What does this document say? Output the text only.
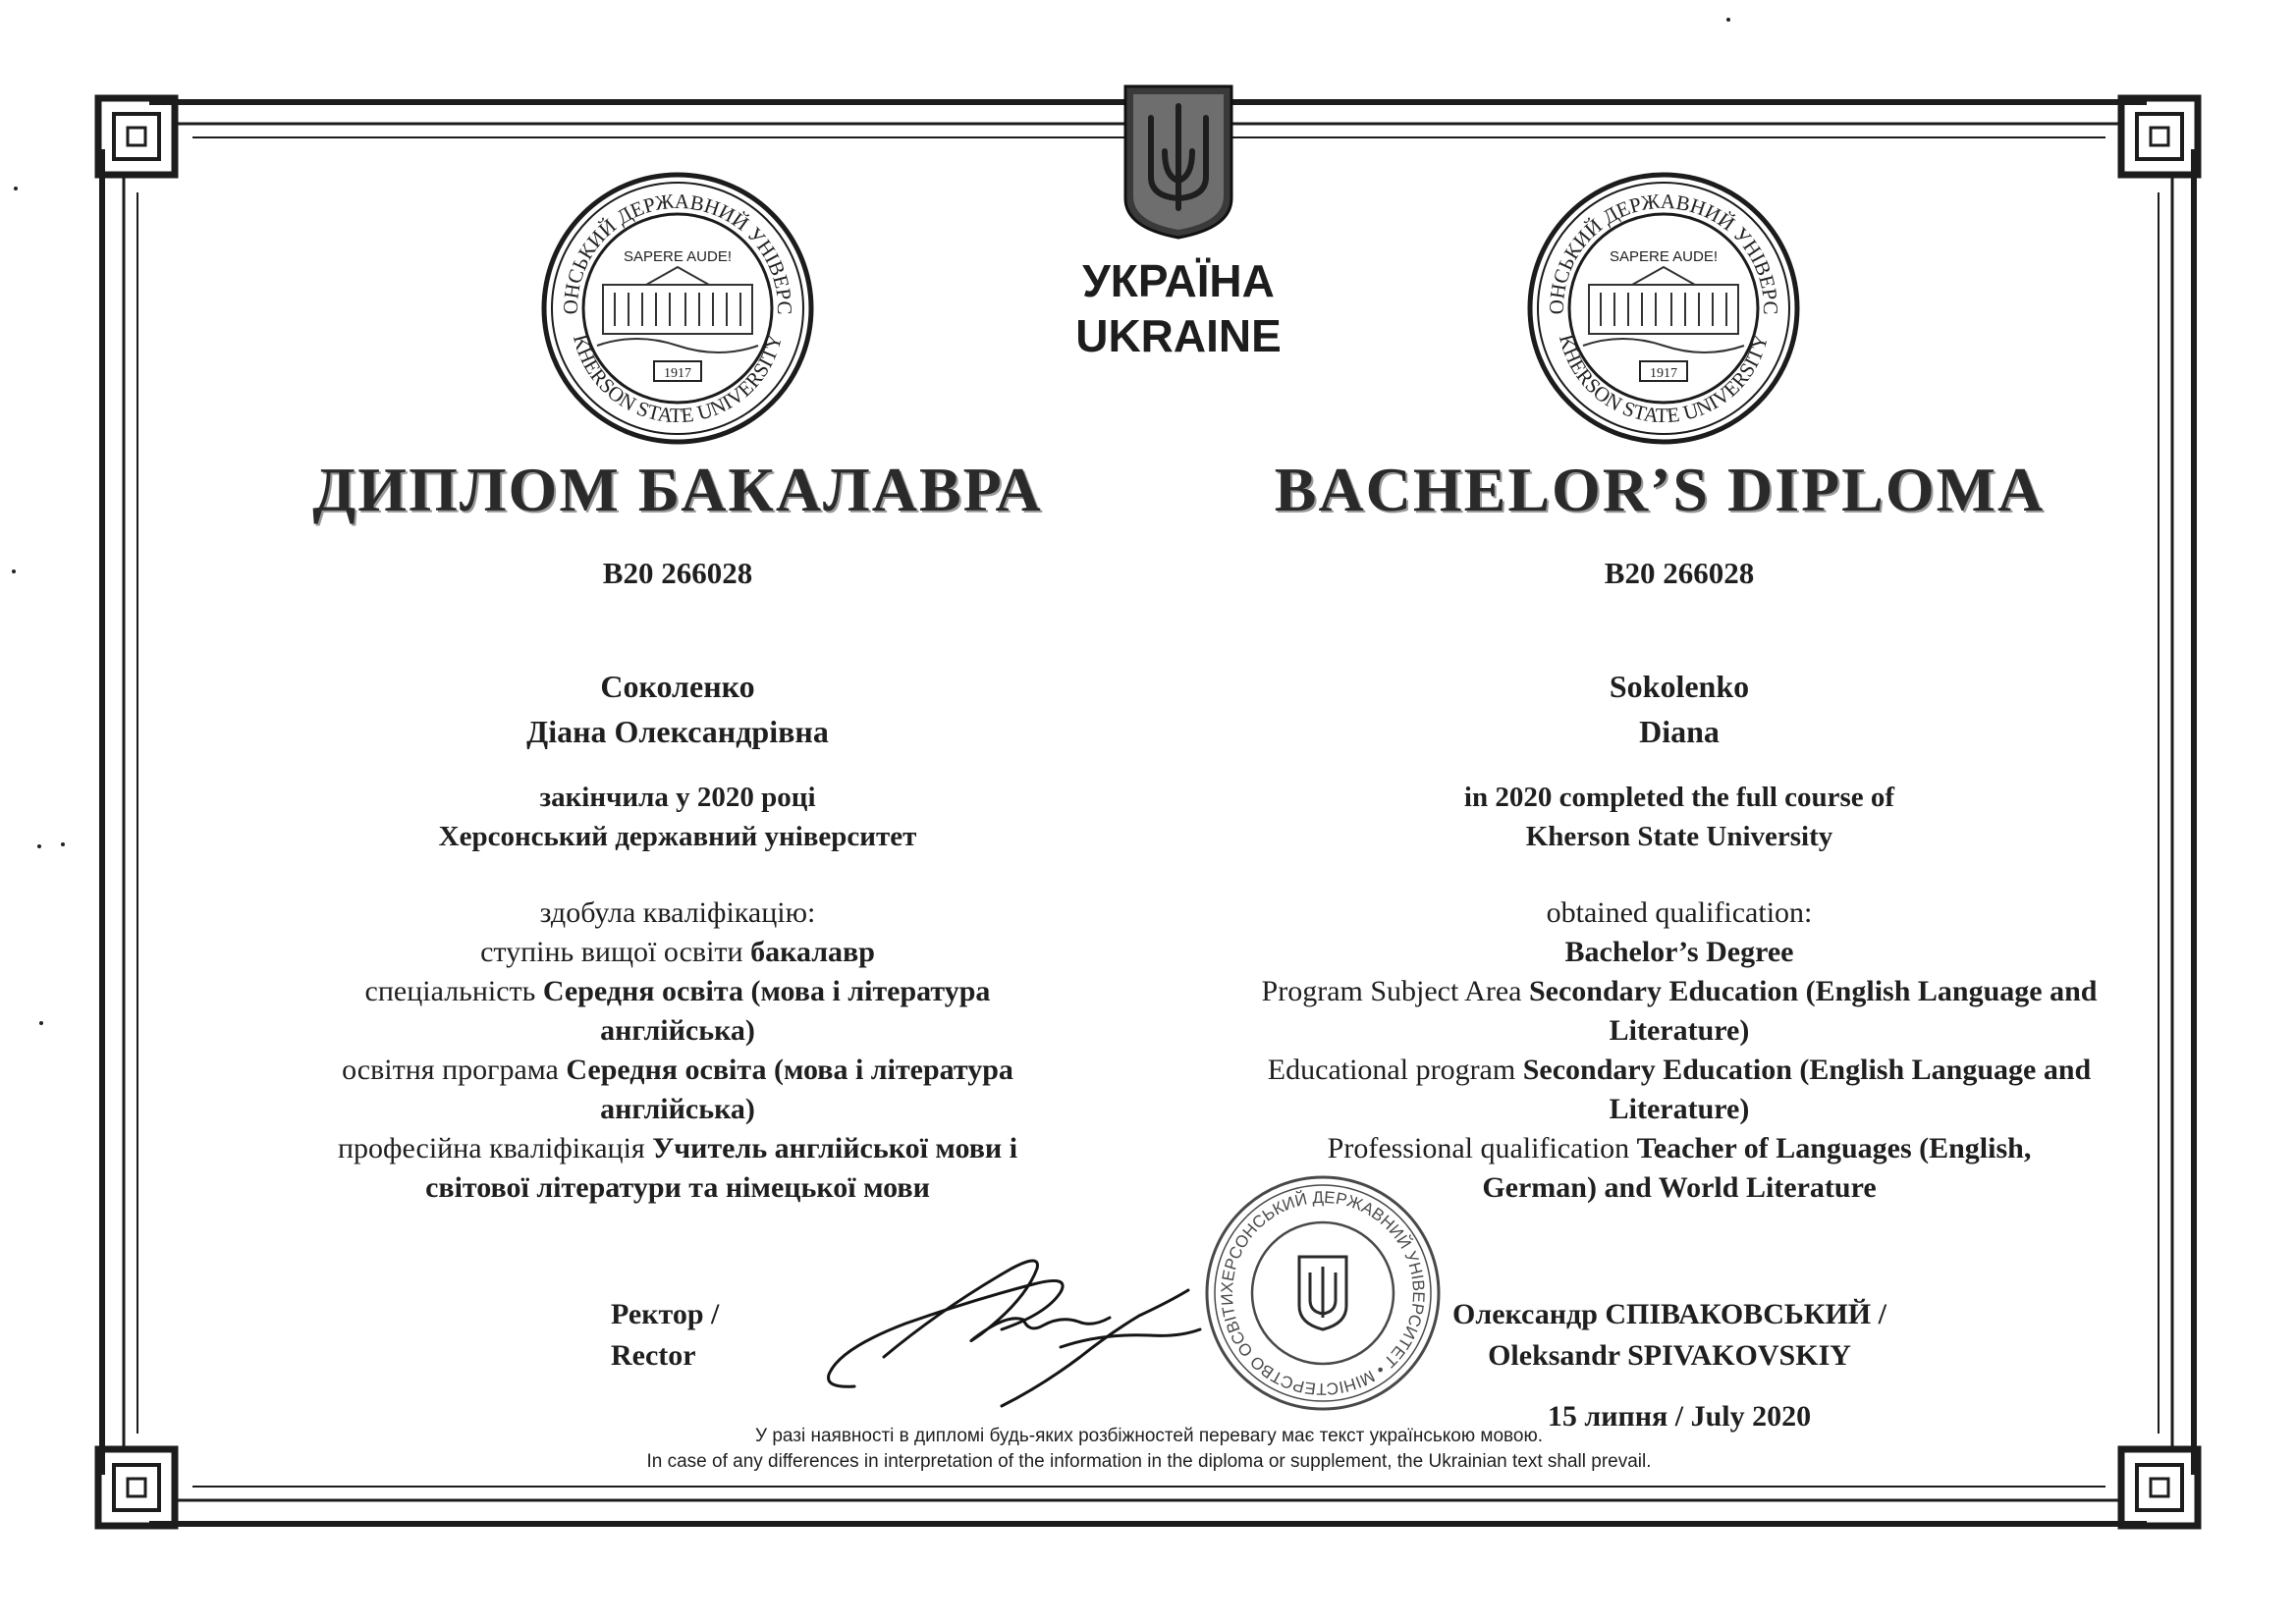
УКРАЇНА
UKRAINE
ОНСЬКИЙ ДЕРЖАВНИЙ УНІВЕРС
KHERSON STATE UNIVERSITY
SAPERE AUDE!
1917
ОНСЬКИЙ ДЕРЖАВНИЙ УНІВЕРС
KHERSON STATE UNIVERSITY
SAPERE AUDE!
1917
ДИПЛОМ БАКАЛАВРА	BACHELOR’S DIPLOMA
B20 266028	B20 266028
Соколенко
Діана Олександрівна
Sokolenko
Diana
закінчила у 2020 році
Херсонський державний університет
in 2020 completed the full course of
Kherson State University
здобула кваліфікацію:
ступінь вищої освіти бакалавр
спеціальність Середня освіта (мова і література англійська)
освітня програма Середня освіта (мова і література англійська)
професійна кваліфікація Учитель англійської мови і світової літератури та німецької мови
obtained qualification:
Bachelor’s Degree
Program Subject Area Secondary Education (English Language and Literature)
Educational program Secondary Education (English Language and Literature)
Professional qualification Teacher of Languages (English, German) and World Literature
ХЕРСОНСЬКИЙ ДЕРЖАВНИЙ УНІВЕРСИТЕТ • МІНІСТЕРСТВО ОСВІТИ
Ректор /
Rector
Олександр СПІВАКОВСЬКИЙ /
Oleksandr SPIVAKOVSKIY
15 липня / July 2020
У разі наявності в дипломі будь-яких розбіжностей перевагу має текст українською мовою.
In case of any differences in interpretation of the information in the diploma or supplement, the Ukrainian text shall prevail.
